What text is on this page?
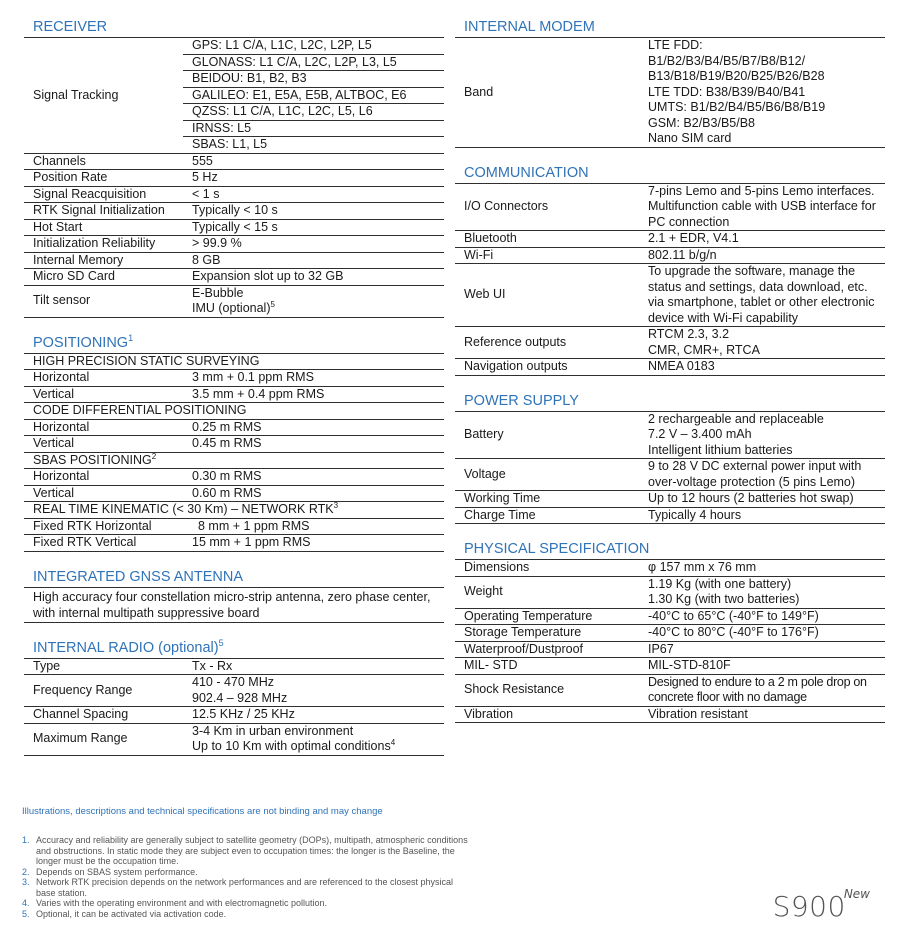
RECEIVER
Signal Tracking	GPS: L1 C/A, L1C, L2C, L2P, L5
	GLONASS: L1 C/A, L2C, L2P, L3, L5
	BEIDOU: B1, B2, B3
	GALILEO: E1, E5A, E5B, ALTBOC, E6
	QZSS: L1 C/A, L1C, L2C, L5, L6
	IRNSS: L5
	SBAS: L1, L5
Channels	555
Position Rate	5 Hz
Signal Reacquisition	< 1 s
RTK Signal Initialization	Typically < 10 s
Hot Start	Typically < 15 s
Initialization Reliability	> 99.9 %
Internal Memory	8 GB
Micro SD Card	Expansion slot up to 32 GB
Tilt sensor	E-Bubble
IMU (optional)$^5$
POSITIONING$^1$
HIGH PRECISION STATIC SURVEYING	
Horizontal	3 mm + 0.1 ppm RMS
Vertical	3.5 mm + 0.4 ppm RMS
CODE DIFFERENTIAL POSITIONING	
Horizontal	0.25 m RMS
Vertical	0.45 m RMS
SBAS POSITIONING$^2$
Horizontal	0.30 m RMS
Vertical	0.60 m RMS
REAL TIME KINEMATIC (< 30 Km) – NETWORK RTK$^3$
Fixed RTK Horizontal	8 mm + 1 ppm RMS
Fixed RTK Vertical	15 mm + 1 ppm RMS
INTEGRATED GNSS ANTENNA
High accuracy four constellation micro-strip antenna, zero phase center, with internal multipath suppressive board
INTERNAL RADIO (optional)$^5$
Type	Tx - Rx
Frequency Range	410 - 470 MHz
902.4 – 928 MHz

Channel Spacing	12.5 KHz / 25 KHz
Maximum Range	3-4 Km in urban environment
Up to 10 Km with optimal conditions$^4$
INTERNAL MODEM
Band	
LTE FDD:
B1/B2/B3/B4/B5/B7/B8/B12/
B13/B18/B19/B20/B25/B26/B28
LTE TDD: B38/B39/B40/B41
UMTS: B1/B2/B4/B5/B6/B8/B19
GSM: B2/B3/B5/B8
Nano SIM card
COMMUNICATION
I/O Connectors	7-pins Lemo and 5-pins Lemo interfaces. Multifunction cable with USB interface for PC connection
Bluetooth	2.1 + EDR, V4.1
Wi-Fi	802.11 b/g/n
Web UI	To upgrade the software, manage the status and settings, data download, etc. via smartphone, tablet or other electronic device with Wi-Fi capability
Reference outputs	RTCM 2.3, 3.2
CMR, CMR+, RTCA

Navigation outputs	NMEA 0183
POWER SUPPLY
Battery	2 rechargeable and replaceable
7.2 V – 3.400 mAh
Intelligent lithium batteries

Voltage	9 to 28 V DC external power input with over-voltage protection (5 pins Lemo)
Working Time	Up to 12 hours (2 batteries hot swap)
Charge Time	Typically 4 hours
PHYSICAL SPECIFICATION
Dimensions	φ 157 mm x 76 mm
Weight	1.19 Kg (with one battery)
1.30 Kg (with two batteries)

Operating Temperature	-40°C to 65°C (-40°F to 149°F)
Storage Temperature	-40°C to 80°C (-40°F to 176°F)
Waterproof/Dustproof	IP67
MIL- STD	MIL-STD-810F
Shock Resistance	Designed to endure to a 2 m pole drop on concrete floor with no damage
Vibration	Vibration resistant
Illustrations, descriptions and technical specifications are not binding and may change
1. Accuracy and reliability are generally subject to satellite geometry (DOPs), multipath, atmospheric conditions and obstructions. In static mode they are subject even to occupation times: the longer is the Baseline, the longer must be the occupation time.
2. Depends on SBAS system performance.
3. Network RTK precision depends on the network performances and are referenced to the closest physical base station.
4. Varies with the operating environment and with electromagnetic pollution.
5. Optional, it can be activated via activation code.	$S900^{New}$
